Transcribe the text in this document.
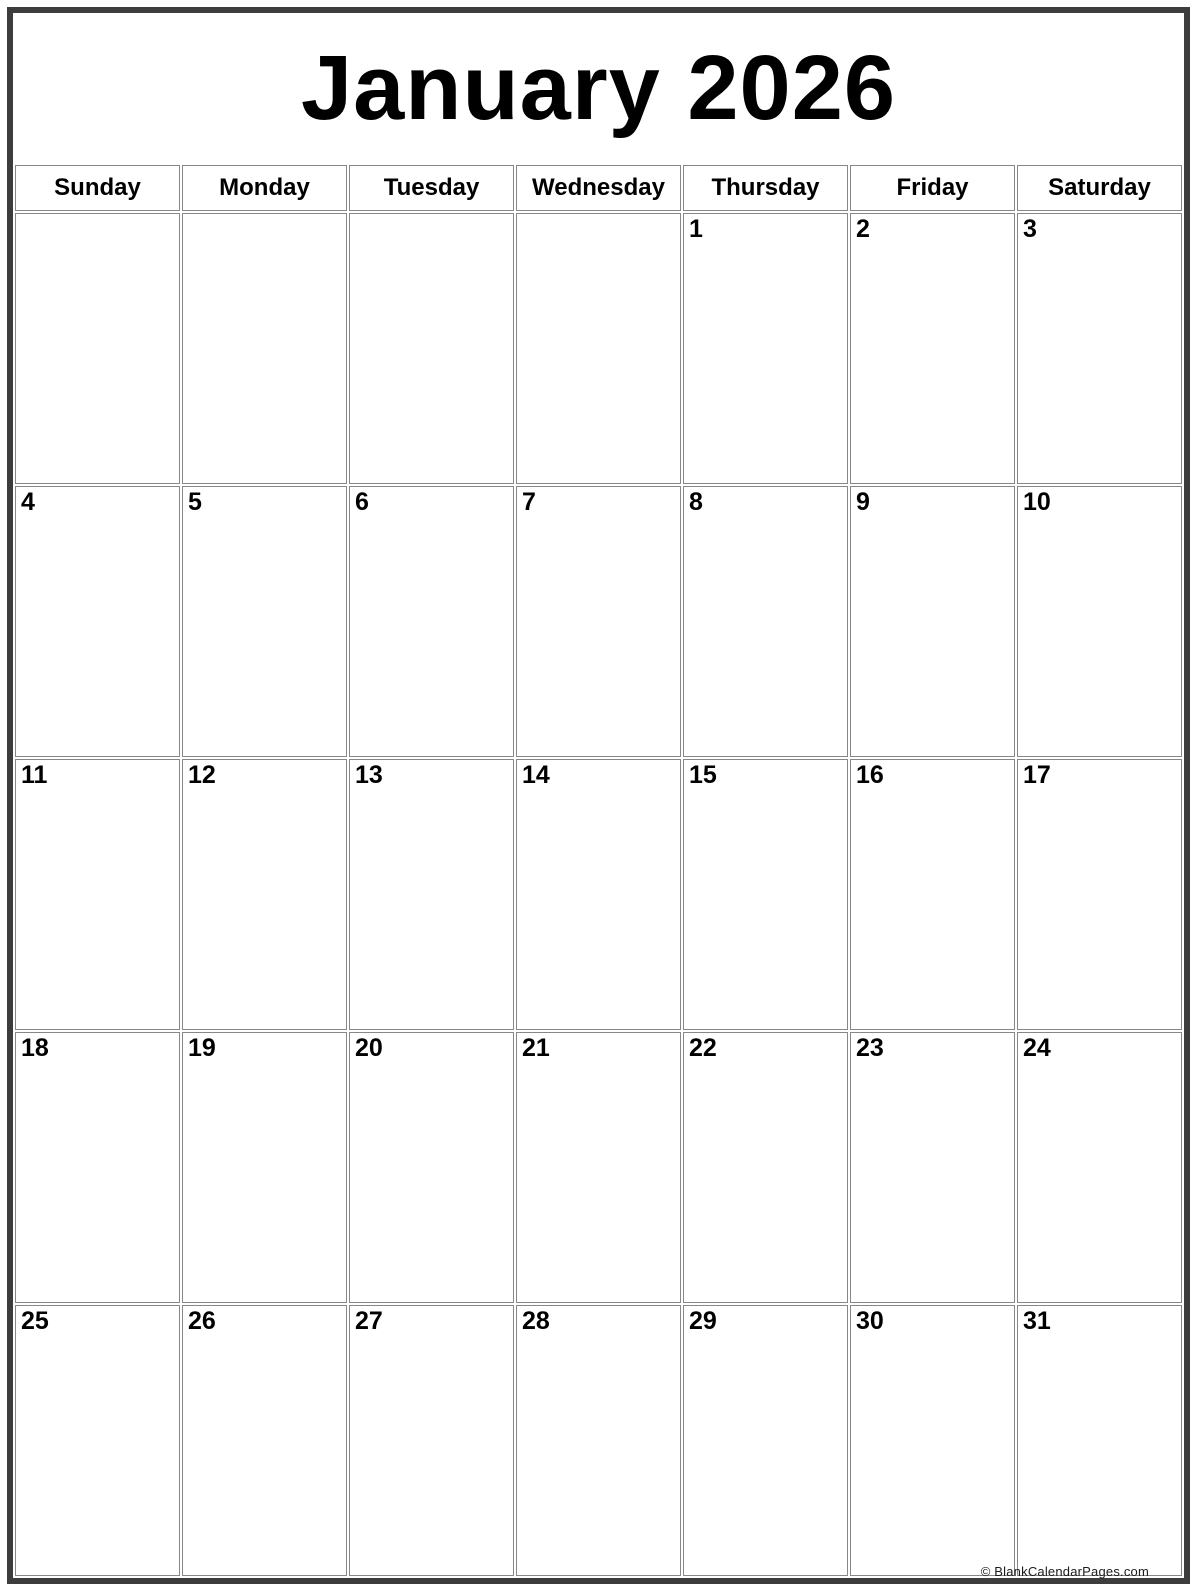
January 2026
Sunday	Monday	Tuesday	Wednesday	Thursday	Friday	Saturday
				1	2	3
4	5	6	7	8	9	10
11	12	13	14	15	16	17
18	19	20	21	22	23	24
25	26	27	28	29	30	31
© BlankCalendarPages.com
